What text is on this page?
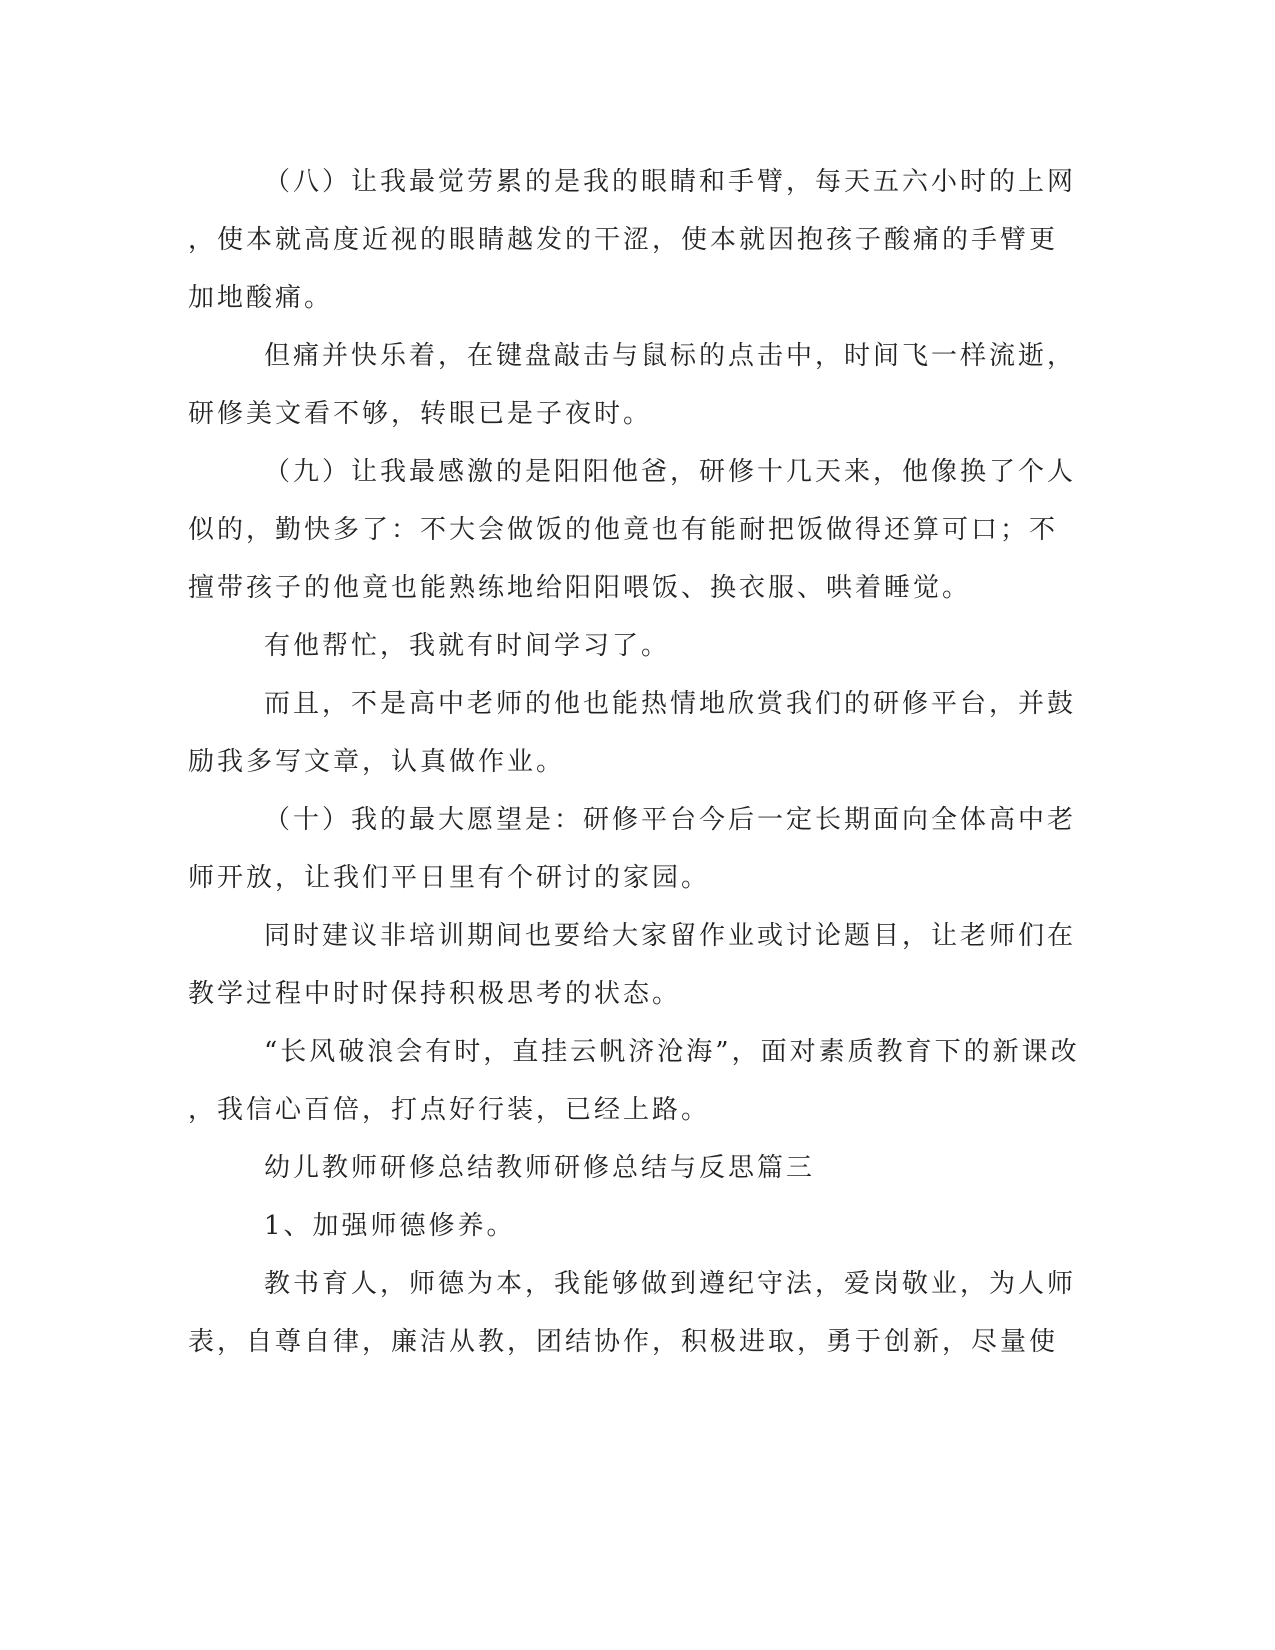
（八）让我最觉劳累的是我的眼睛和手臂，每天五六小时的上网
，使本就高度近视的眼睛越发的干涩，使本就因抱孩子酸痛的手臂更
加地酸痛。
但痛并快乐着，在键盘敲击与鼠标的点击中，时间飞一样流逝，
研修美文看不够，转眼已是子夜时。
（九）让我最感激的是阳阳他爸，研修十几天来，他像换了个人
似的，勤快多了：不大会做饭的他竟也有能耐把饭做得还算可口；不
擅带孩子的他竟也能熟练地给阳阳喂饭、换衣服、哄着睡觉。
有他帮忙，我就有时间学习了。
而且，不是高中老师的他也能热情地欣赏我们的研修平台，并鼓
励我多写文章，认真做作业。
（十）我的最大愿望是：研修平台今后一定长期面向全体高中老
师开放，让我们平日里有个研讨的家园。
同时建议非培训期间也要给大家留作业或讨论题目，让老师们在
教学过程中时时保持积极思考的状态。
“长风破浪会有时，直挂云帆济沧海”，面对素质教育下的新课改
，我信心百倍，打点好行装，已经上路。
幼儿教师研修总结教师研修总结与反思篇三
1、加强师德修养。
教书育人，师德为本，我能够做到遵纪守法，爱岗敬业，为人师
表，自尊自律，廉洁从教，团结协作，积极进取，勇于创新，尽量使
